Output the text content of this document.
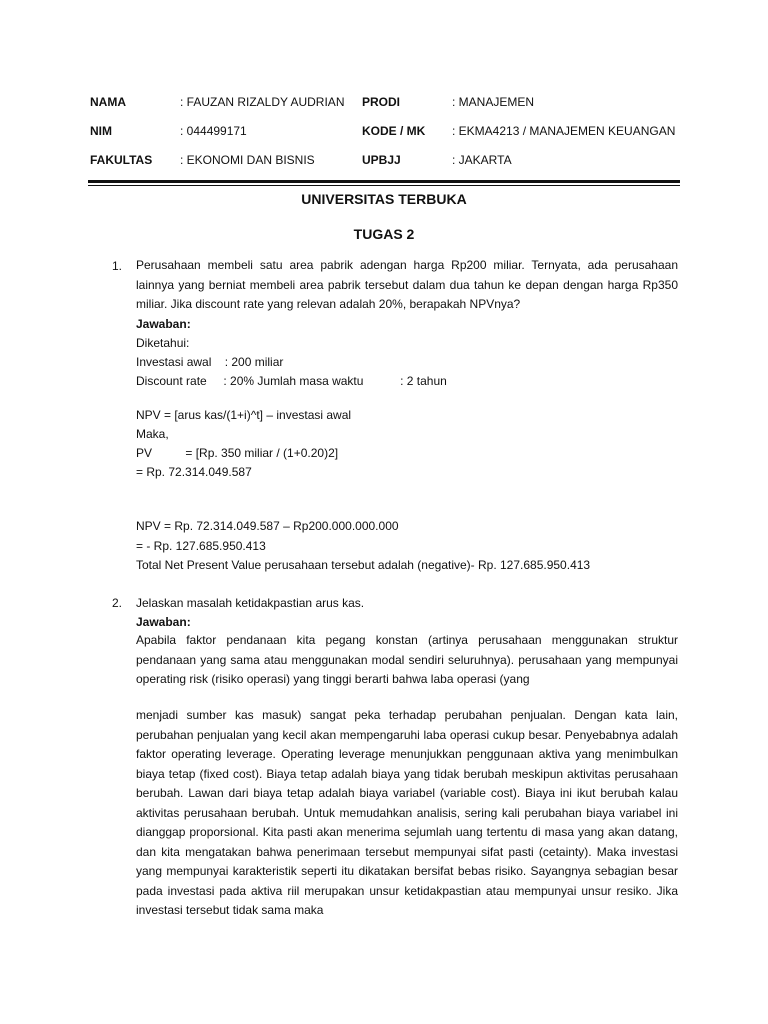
NAMA	: FAUZAN RIZALDY AUDRIAN PRODI	: MANAJEMEN
NIM	: 044499171	KODE / MK : EKMA4213 / MANAJEMEN KEUANGAN
FAKULTAS : EKONOMI DAN BISNIS	UPBJJ	: JAKARTA
UNIVERSITAS TERBUKA
TUGAS 2
1. Perusahaan membeli satu area pabrik adengan harga Rp200 miliar. Ternyata, ada perusahaan lainnya yang berniat membeli area pabrik tersebut dalam dua tahun ke depan dengan harga Rp350 miliar. Jika discount rate yang relevan adalah 20%, berapakah NPVnya?
Jawaban:
Diketahui:
Investasi awal    : 200 miliar
Discount rate     : 20% Jumlah masa waktu           : 2 tahun
NPV = [arus kas/(1+i)^t] – investasi awal
Maka,
PV          = [Rp. 350 miliar / (1+0.20)2]
= Rp. 72.314.049.587
NPV = Rp. 72.314.049.587 – Rp200.000.000.000
= - Rp. 127.685.950.413
Total Net Present Value perusahaan tersebut adalah (negative)- Rp. 127.685.950.413
2. Jelaskan masalah ketidakpastian arus kas.
Jawaban:
Apabila faktor pendanaan kita pegang konstan (artinya perusahaan menggunakan struktur pendanaan yang sama atau menggunakan modal sendiri seluruhnya). perusahaan yang mempunyai operating risk (risiko operasi) yang tinggi berarti bahwa laba operasi (yang
menjadi sumber kas masuk) sangat peka terhadap perubahan penjualan. Dengan kata lain, perubahan penjualan yang kecil akan mempengaruhi laba operasi cukup besar. Penyebabnya adalah faktor operating leverage. Operating leverage menunjukkan penggunaan aktiva yang menimbulkan biaya tetap (fixed cost). Biaya tetap adalah biaya yang tidak berubah meskipun aktivitas perusahaan berubah. Lawan dari biaya tetap adalah biaya variabel (variable cost). Biaya ini ikut berubah kalau aktivitas perusahaan berubah. Untuk memudahkan analisis, sering kali perubahan biaya variabel ini dianggap proporsional. Kita pasti akan menerima sejumlah uang tertentu di masa yang akan datang, dan kita mengatakan bahwa penerimaan tersebut mempunyai sifat pasti (cetainty). Maka investasi yang mempunyai karakteristik seperti itu dikatakan bersifat bebas risiko. Sayangnya sebagian besar pada investasi pada aktiva riil merupakan unsur ketidakpastian atau mempunyai unsur resiko. Jika investasi tersebut tidak sama maka
